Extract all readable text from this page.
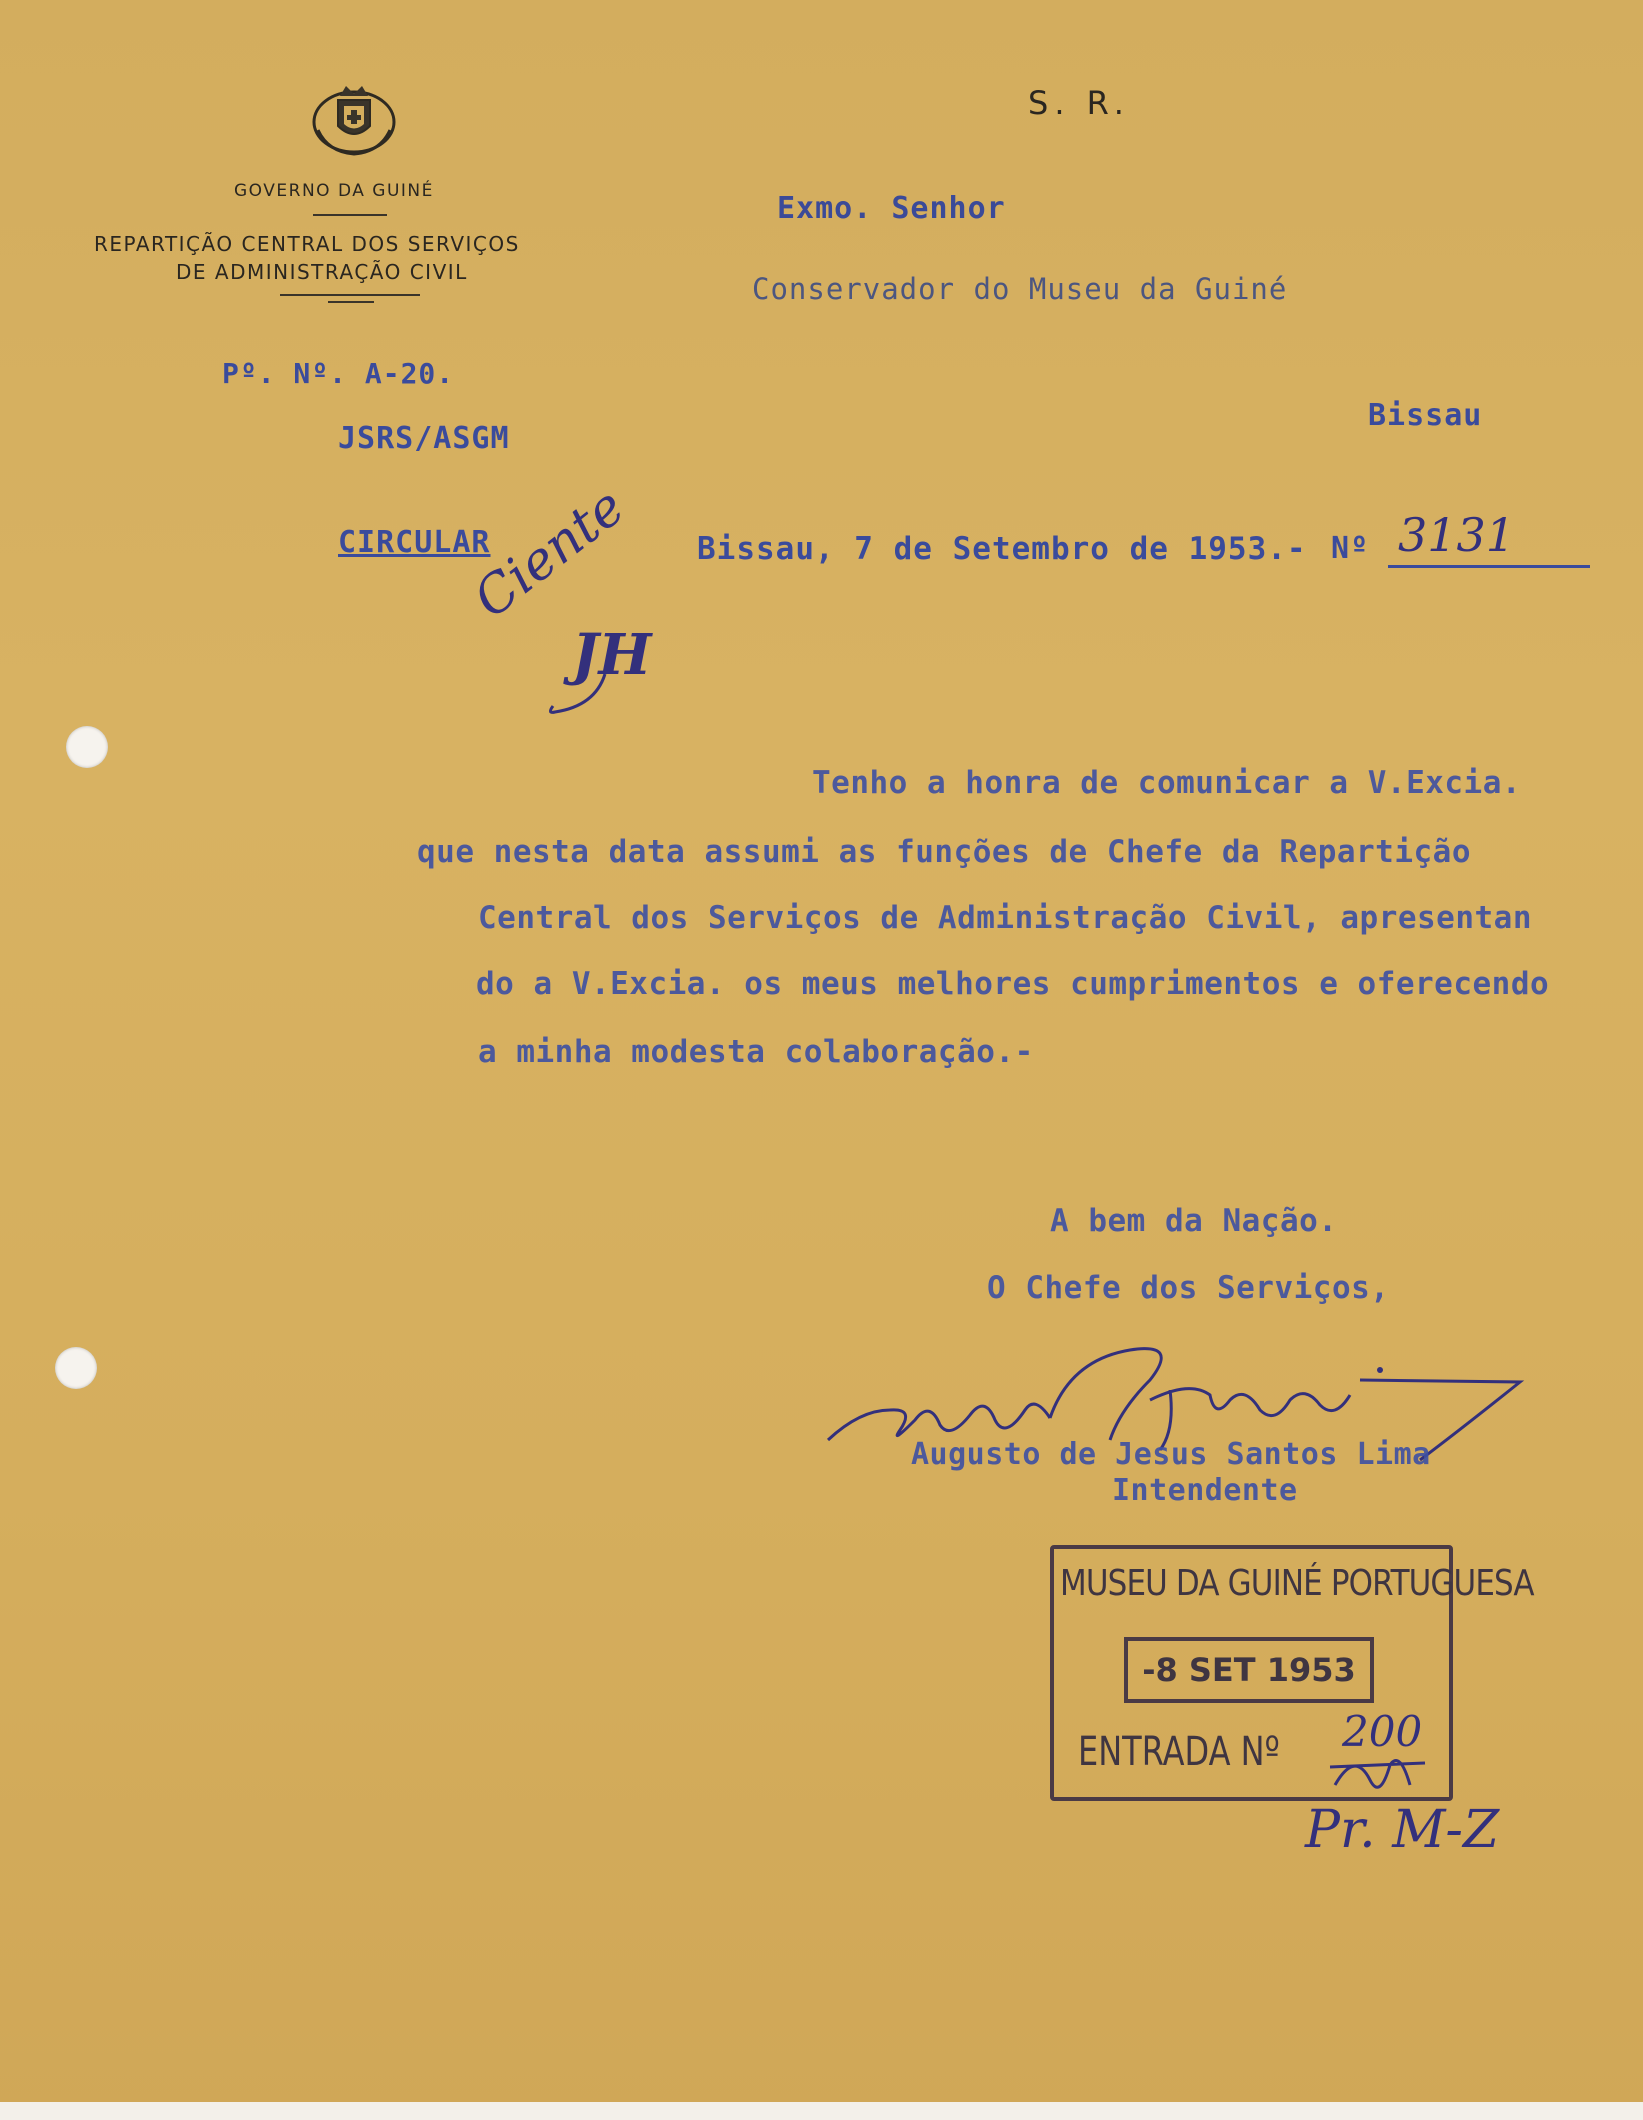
GOVERNO DA GUINÉ
REPARTIÇÃO CENTRAL DOS SERVIÇOS
DE ADMINISTRAÇÃO CIVIL
S. R.
Exmo. Senhor
Conservador do Museu da Guiné
Bissau
Pº. Nº. A-20.
JSRS/ASGM
CIRCULAR	Bissau, 7 de Setembro de 1953.- Nº 3131
Ciente
JH
Tenho a honra de comunicar a V.Excia.
que nesta data assumi as funções de Chefe da Repartição
Central dos Serviços de Administração Civil, apresentan
do a V.Excia. os meus melhores cumprimentos e oferecendo
a minha modesta colaboração.-
A bem da Nação.
O Chefe dos Serviços,
Augusto de Jesus Santos Lima
Intendente
MUSEU DA GUINÉ PORTUGUESA
-8 SET 1953
ENTRADA Nº 200
Pr. M-Z
